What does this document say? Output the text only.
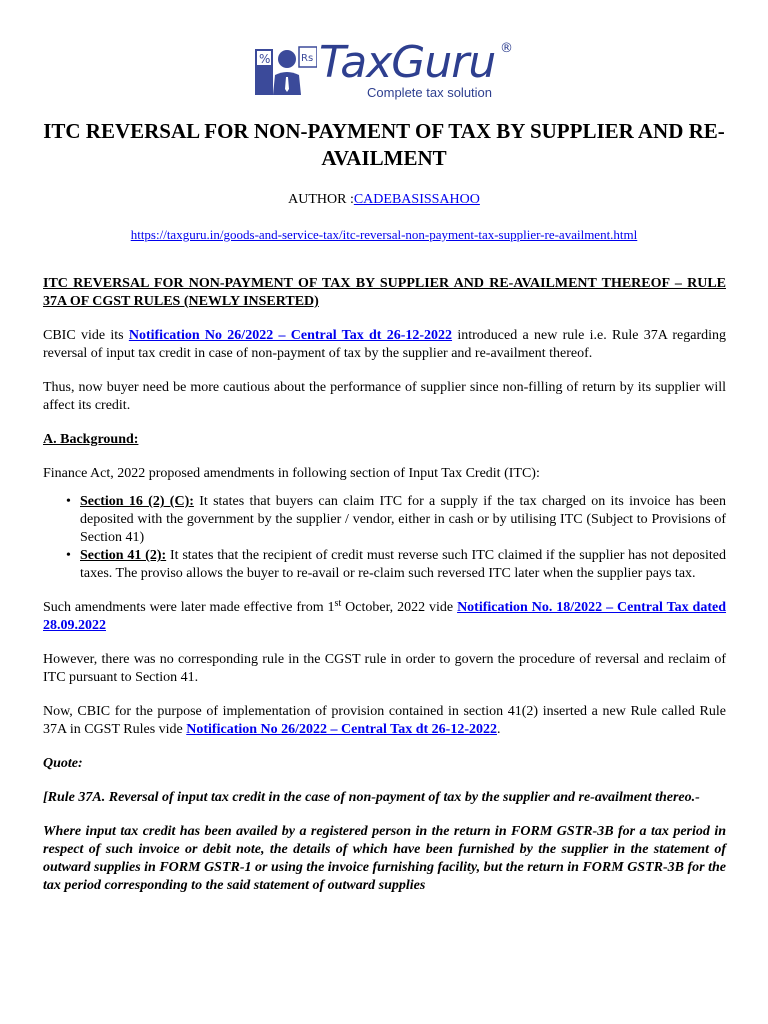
%	Rs TaxGuru ®
Complete tax solution
ITC REVERSAL FOR NON-PAYMENT OF TAX BY SUPPLIER AND RE-AVAILMENT
AUTHOR :CADEBASISSAHOO
https://taxguru.in/goods-and-service-tax/itc-reversal-non-payment-tax-supplier-re-availment.html

ITC REVERSAL FOR NON-PAYMENT OF TAX BY SUPPLIER AND RE-AVAILMENT THEREOF – RULE 37A OF CGST RULES (NEWLY INSERTED)

CBIC vide its Notification No 26/2022 – Central Tax dt 26-12-2022 introduced a new rule i.e. Rule 37A regarding reversal of input tax credit in case of non-payment of tax by the supplier and re-availment thereof.

Thus, now buyer need be more cautious about the performance of supplier since non-filling of return by its supplier will affect its credit.

A. Background:

Finance Act, 2022 proposed amendments in following section of Input Tax Credit (ITC):

• Section 16 (2) (C): It states that buyers can claim ITC for a supply if the tax charged on its invoice has been deposited with the government by the supplier / vendor, either in cash or by utilising ITC (Subject to Provisions of Section 41)
• Section 41 (2): It states that the recipient of credit must reverse such ITC claimed if the supplier has not deposited taxes. The proviso allows the buyer to re-avail or re-claim such reversed ITC later when the supplier pays tax.

Such amendments were later made effective from 1st October, 2022 vide Notification No. 18/2022 – Central Tax dated 28.09.2022

However, there was no corresponding rule in the CGST rule in order to govern the procedure of reversal and reclaim of ITC pursuant to Section 41.

Now, CBIC for the purpose of implementation of provision contained in section 41(2) inserted a new Rule called Rule 37A in CGST Rules vide Notification No 26/2022 – Central Tax dt 26-12-2022.

Quote:

[Rule 37A. Reversal of input tax credit in the case of non-payment of tax by the supplier and re-availment thereo.-

Where input tax credit has been availed by a registered person in the return in FORM GSTR-3B for a tax period in respect of such invoice or debit note, the details of which have been furnished by the supplier in the statement of outward supplies in FORM GSTR-1 or using the invoice furnishing facility, but the return in FORM GSTR-3B for the tax period corresponding to the said statement of outward supplies
